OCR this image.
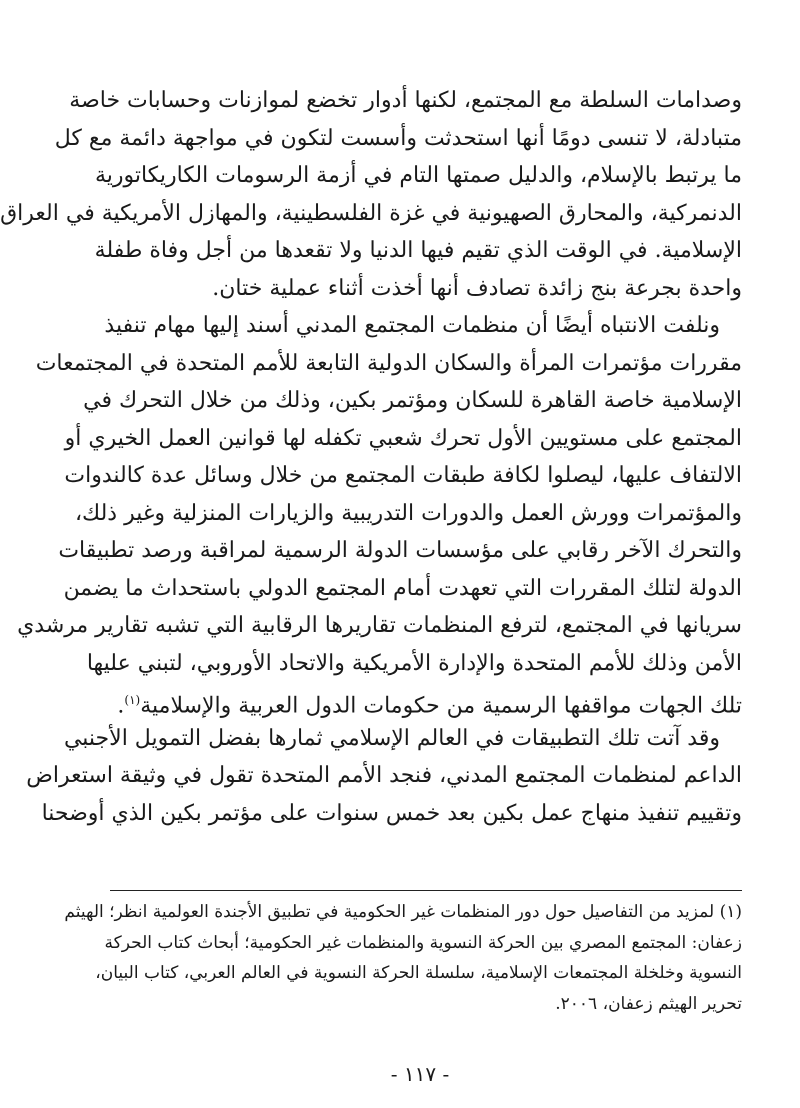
وصدامات السلطة مع المجتمع، لكنها أدوار تخضع لموازنات وحسابات خاصة
متبادلة، لا تنسى دومًا أنها استحدثت وأسست لتكون في مواجهة دائمة مع كل
ما يرتبط بالإسلام، والدليل صمتها التام في أزمة الرسومات الكاريكاتورية
الدنمركية، والمحارق الصهيونية في غزة الفلسطينية، والمهازل الأمريكية في العراق
الإسلامية. في الوقت الذي تقيم فيها الدنيا ولا تقعدها من أجل وفاة طفلة
واحدة بجرعة بنج زائدة تصادف أنها أخذت أثناء عملية ختان.
ونلفت الانتباه أيضًا أن منظمات المجتمع المدني أسند إليها مهام تنفيذ
مقررات مؤتمرات المرأة والسكان الدولية التابعة للأمم المتحدة في المجتمعات
الإسلامية خاصة القاهرة للسكان ومؤتمر بكين، وذلك من خلال التحرك في
المجتمع على مستويين الأول تحرك شعبي تكفله لها قوانين العمل الخيري أو
الالتفاف عليها، ليصلوا لكافة طبقات المجتمع من خلال وسائل عدة كالندوات
والمؤتمرات وورش العمل والدورات التدريبية والزيارات المنزلية وغير ذلك،
والتحرك الآخر رقابي على مؤسسات الدولة الرسمية لمراقبة ورصد تطبيقات
الدولة لتلك المقررات التي تعهدت أمام المجتمع الدولي باستحداث ما يضمن
سريانها في المجتمع، لترفع المنظمات تقاريرها الرقابية التي تشبه تقارير مرشدي
الأمن وذلك للأمم المتحدة والإدارة الأمريكية والاتحاد الأوروبي، لتبني عليها
تلك الجهات مواقفها الرسمية من حكومات الدول العربية والإسلامية$^{(١)}$.
وقد آتت تلك التطبيقات في العالم الإسلامي ثمارها بفضل التمويل الأجنبي
الداعم لمنظمات المجتمع المدني، فنجد الأمم المتحدة تقول في وثيقة استعراض
وتقييم تنفيذ منهاج عمل بكين بعد خمس سنوات على مؤتمر بكين الذي أوضحنا
(١) لمزيد من التفاصيل حول دور المنظمات غير الحكومية في تطبيق الأجندة العولمية انظر؛ الهيثم
زعفان: المجتمع المصري بين الحركة النسوية والمنظمات غير الحكومية؛ أبحاث كتاب الحركة
النسوية وخلخلة المجتمعات الإسلامية، سلسلة الحركة النسوية في العالم العربي، كتاب البيان،
تحرير الهيثم زعفان، ٢٠٠٦.
- ١١٧ -
